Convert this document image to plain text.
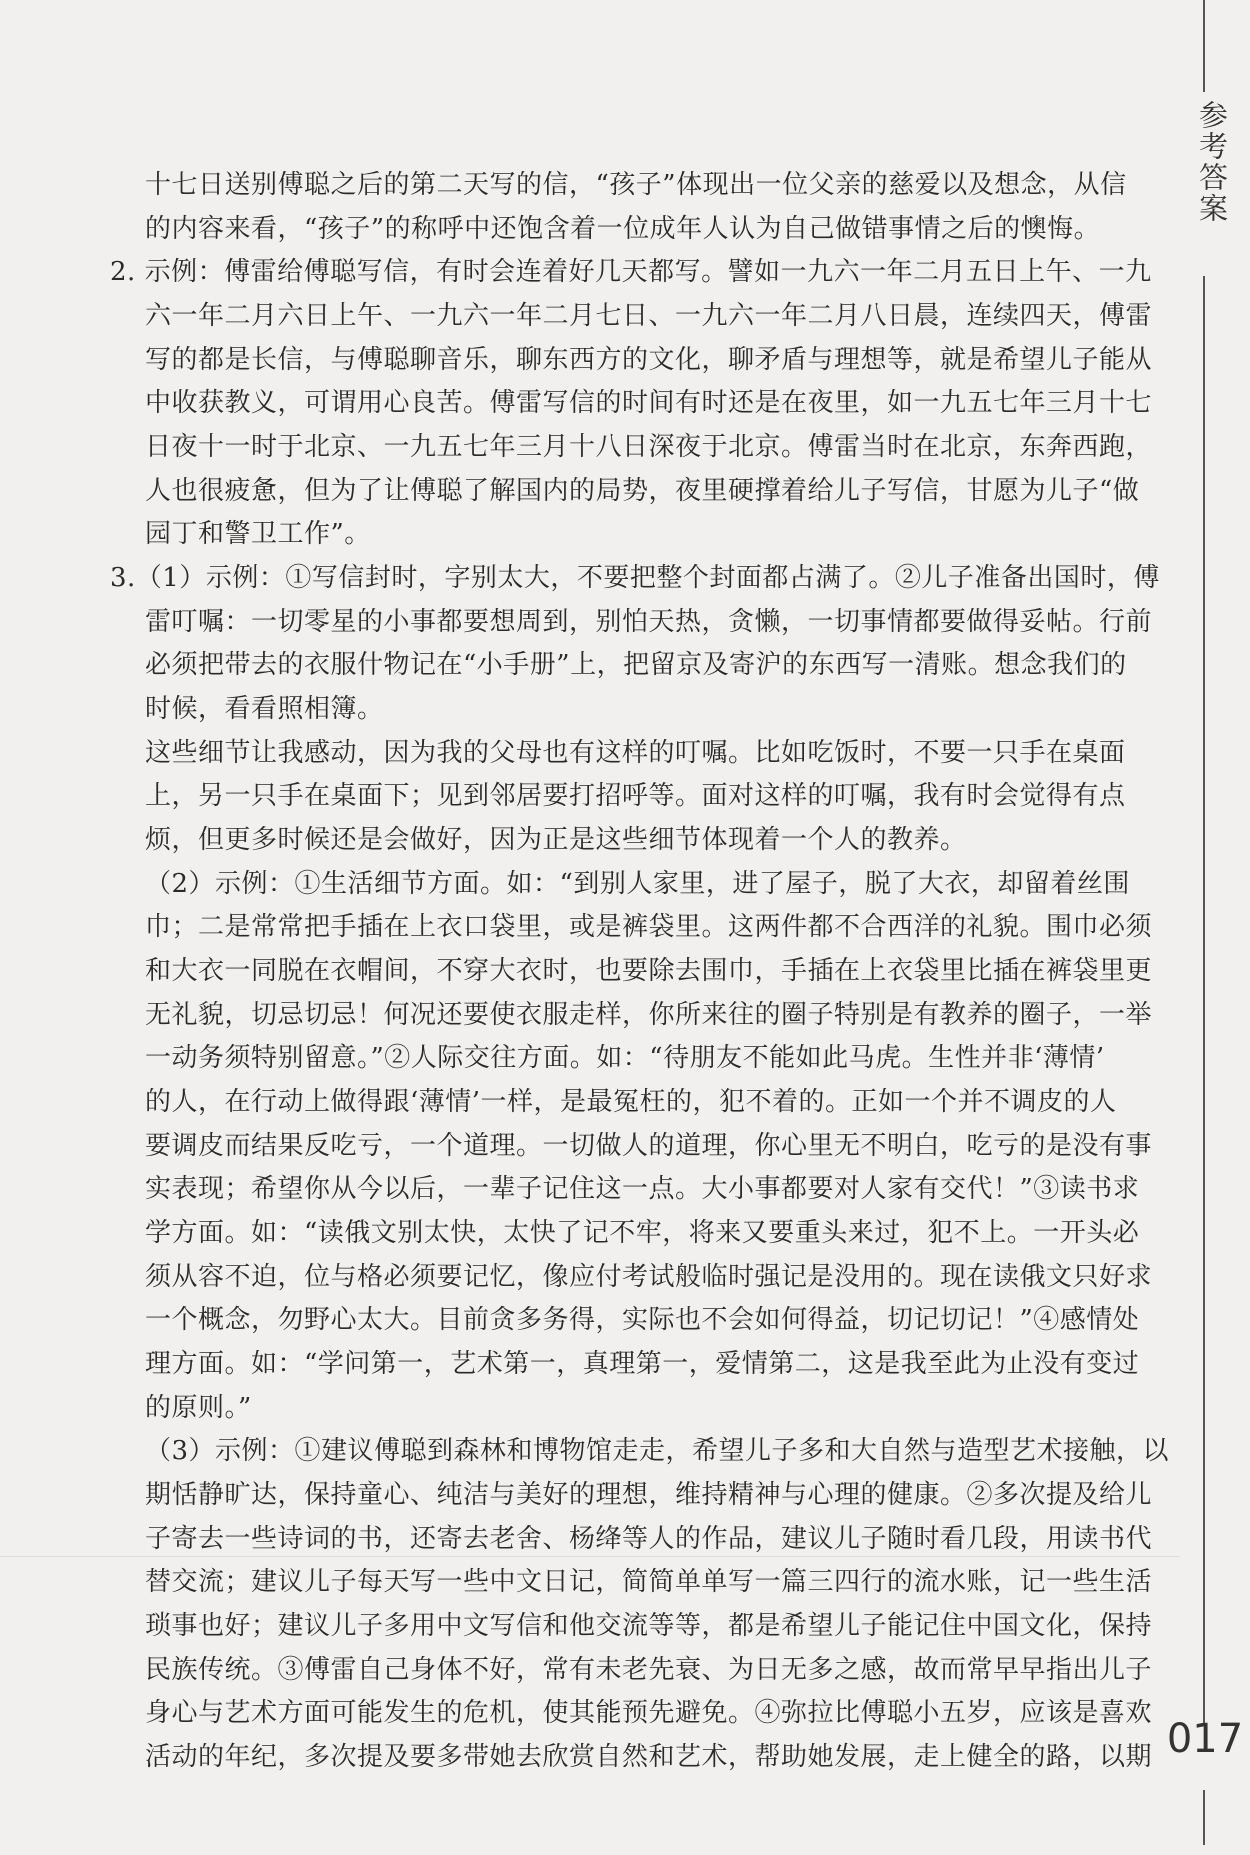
参考答案
017
十七日送别傅聪之后的第二天写的信，“孩子”体现出一位父亲的慈爱以及想念，从信
的内容来看，“孩子”的称呼中还饱含着一位成年人认为自己做错事情之后的懊悔。
2. 示例：傅雷给傅聪写信，有时会连着好几天都写。譬如一九六一年二月五日上午、一九
六一年二月六日上午、一九六一年二月七日、一九六一年二月八日晨，连续四天，傅雷
写的都是长信，与傅聪聊音乐，聊东西方的文化，聊矛盾与理想等，就是希望儿子能从
中收获教义，可谓用心良苦。傅雷写信的时间有时还是在夜里，如一九五七年三月十七
日夜十一时于北京、一九五七年三月十八日深夜于北京。傅雷当时在北京，东奔西跑，
人也很疲惫，但为了让傅聪了解国内的局势，夜里硬撑着给儿子写信，甘愿为儿子“做
园丁和警卫工作”。
3.（1）示例：①写信封时，字别太大，不要把整个封面都占满了。②儿子准备出国时，傅
雷叮嘱：一切零星的小事都要想周到，别怕天热，贪懒，一切事情都要做得妥帖。行前
必须把带去的衣服什物记在“小手册”上，把留京及寄沪的东西写一清账。想念我们的
时候，看看照相簿。
这些细节让我感动，因为我的父母也有这样的叮嘱。比如吃饭时，不要一只手在桌面
上，另一只手在桌面下；见到邻居要打招呼等。面对这样的叮嘱，我有时会觉得有点
烦，但更多时候还是会做好，因为正是这些细节体现着一个人的教养。
（2）示例：①生活细节方面。如：“到别人家里，进了屋子，脱了大衣，却留着丝围
巾；二是常常把手插在上衣口袋里，或是裤袋里。这两件都不合西洋的礼貌。围巾必须
和大衣一同脱在衣帽间，不穿大衣时，也要除去围巾，手插在上衣袋里比插在裤袋里更
无礼貌，切忌切忌！何况还要使衣服走样，你所来往的圈子特别是有教养的圈子，一举
一动务须特别留意。”②人际交往方面。如：“待朋友不能如此马虎。生性并非‘薄情’
的人，在行动上做得跟‘薄情’一样，是最冤枉的，犯不着的。正如一个并不调皮的人
要调皮而结果反吃亏，一个道理。一切做人的道理，你心里无不明白，吃亏的是没有事
实表现；希望你从今以后，一辈子记住这一点。大小事都要对人家有交代！”③读书求
学方面。如：“读俄文别太快，太快了记不牢，将来又要重头来过，犯不上。一开头必
须从容不迫，位与格必须要记忆，像应付考试般临时强记是没用的。现在读俄文只好求
一个概念，勿野心太大。目前贪多务得，实际也不会如何得益，切记切记！”④感情处
理方面。如：“学问第一，艺术第一，真理第一，爱情第二，这是我至此为止没有变过
的原则。”
（3）示例：①建议傅聪到森林和博物馆走走，希望儿子多和大自然与造型艺术接触，以
期恬静旷达，保持童心、纯洁与美好的理想，维持精神与心理的健康。②多次提及给儿
子寄去一些诗词的书，还寄去老舍、杨绛等人的作品，建议儿子随时看几段，用读书代
替交流；建议儿子每天写一些中文日记，简简单单写一篇三四行的流水账，记一些生活
琐事也好；建议儿子多用中文写信和他交流等等，都是希望儿子能记住中国文化，保持
民族传统。③傅雷自己身体不好，常有未老先衰、为日无多之感，故而常早早指出儿子
身心与艺术方面可能发生的危机，使其能预先避免。④弥拉比傅聪小五岁，应该是喜欢
活动的年纪，多次提及要多带她去欣赏自然和艺术，帮助她发展，走上健全的路，以期
